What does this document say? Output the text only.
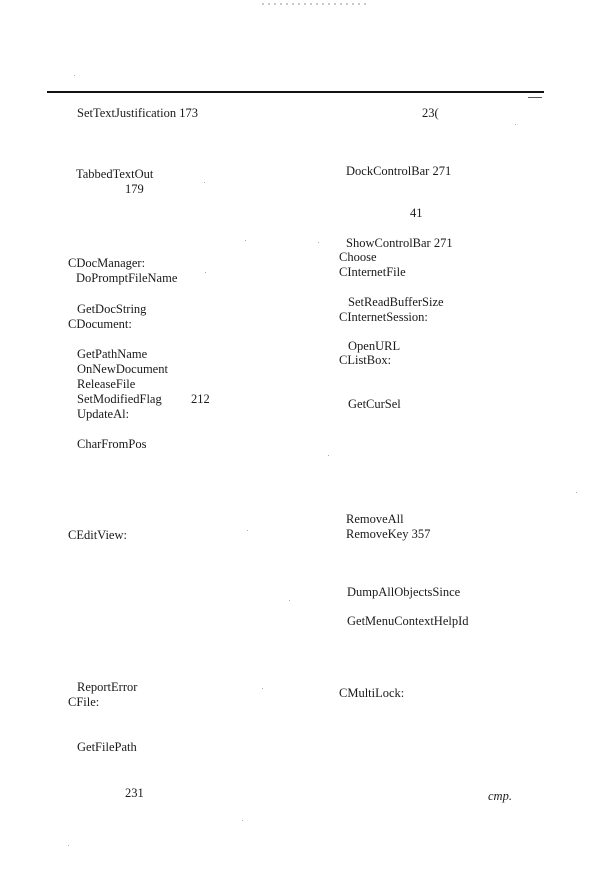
SetTextJustification 173
TabbedTextOut
179
CDocManager:
DoPromptFileName
GetDocString
CDocument:
GetPathName
OnNewDocument
ReleaseFile
SetModifiedFlag 212
UpdateAl:
CharFromPos
CEditView:
ReportError
CFile:
GetFilePath
23(
DockControlBar 271
41
ShowControlBar 271
Choose
CInternetFile
SetReadBufferSize
CInternetSession:
OpenURL
CListBox:
GetCurSel
RemoveAll
RemoveKey 357
DumpAllObjectsSince
GetMenuContextHelpId
CMultiLock:
231	cmp.
